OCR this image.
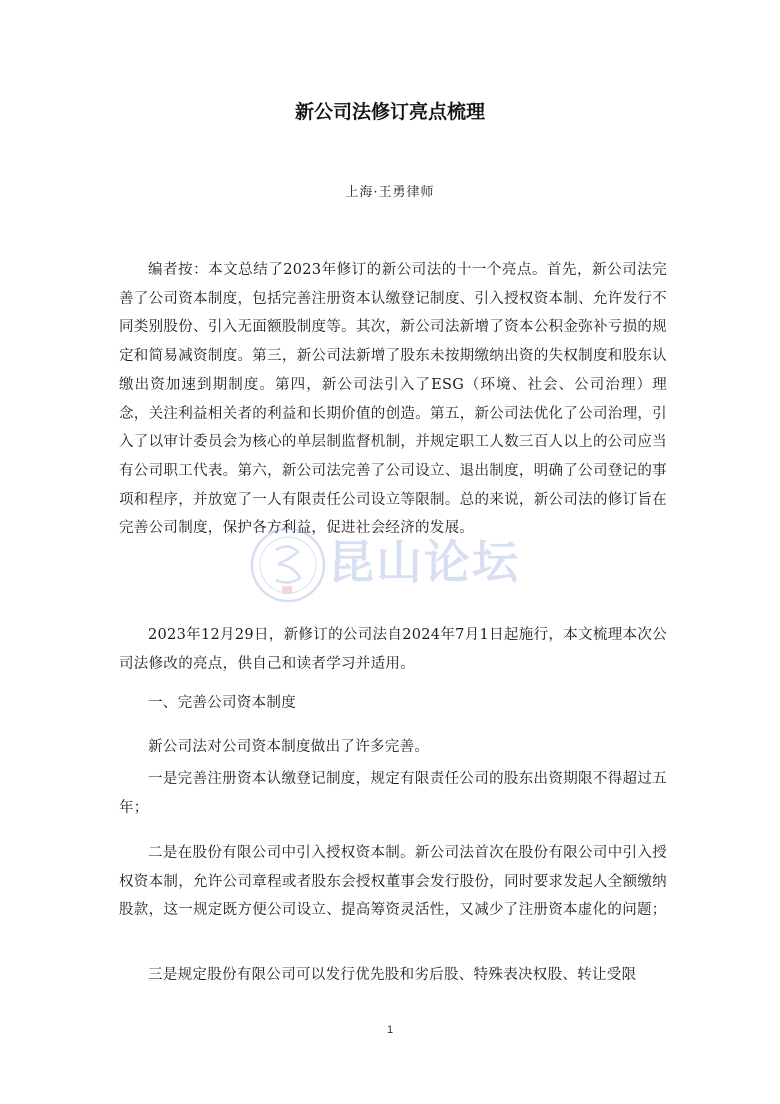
新公司法修订亮点梳理
上海·王勇律师

编者按：本文总结了2023年修订的新公司法的十一个亮点。首先，新公司法完善了公司资本制度，包括完善注册资本认缴登记制度、引入授权资本制、允许发行不同类别股份、引入无面额股制度等。其次，新公司法新增了资本公积金弥补亏损的规定和简易减资制度。第三，新公司法新增了股东未按期缴纳出资的失权制度和股东认缴出资加速到期制度。第四，新公司法引入了ESG（环境、社会、公司治理）理念，关注利益相关者的利益和长期价值的创造。第五，新公司法优化了公司治理，引入了以审计委员会为核心的单层制监督机制，并规定职工人数三百人以上的公司应当有公司职工代表。第六，新公司法完善了公司设立、退出制度，明确了公司登记的事项和程序，并放宽了一人有限责任公司设立等限制。总的来说，新公司法的修订旨在完善公司制度，保护各方利益，促进社会经济的发展。

昆山论坛

2023年12月29日，新修订的公司法自2024年7月1日起施行，本文梳理本次公司法修改的亮点，供自己和读者学习并适用。

一、完善公司资本制度

新公司法对公司资本制度做出了许多完善。

一是完善注册资本认缴登记制度，规定有限责任公司的股东出资期限不得超过五年；

二是在股份有限公司中引入授权资本制。新公司法首次在股份有限公司中引入授权资本制，允许公司章程或者股东会授权董事会发行股份，同时要求发起人全额缴纳股款，这一规定既方便公司设立、提高筹资灵活性，又减少了注册资本虚化的问题；

三是规定股份有限公司可以发行优先股和劣后股、特殊表决权股、转让受限

1
